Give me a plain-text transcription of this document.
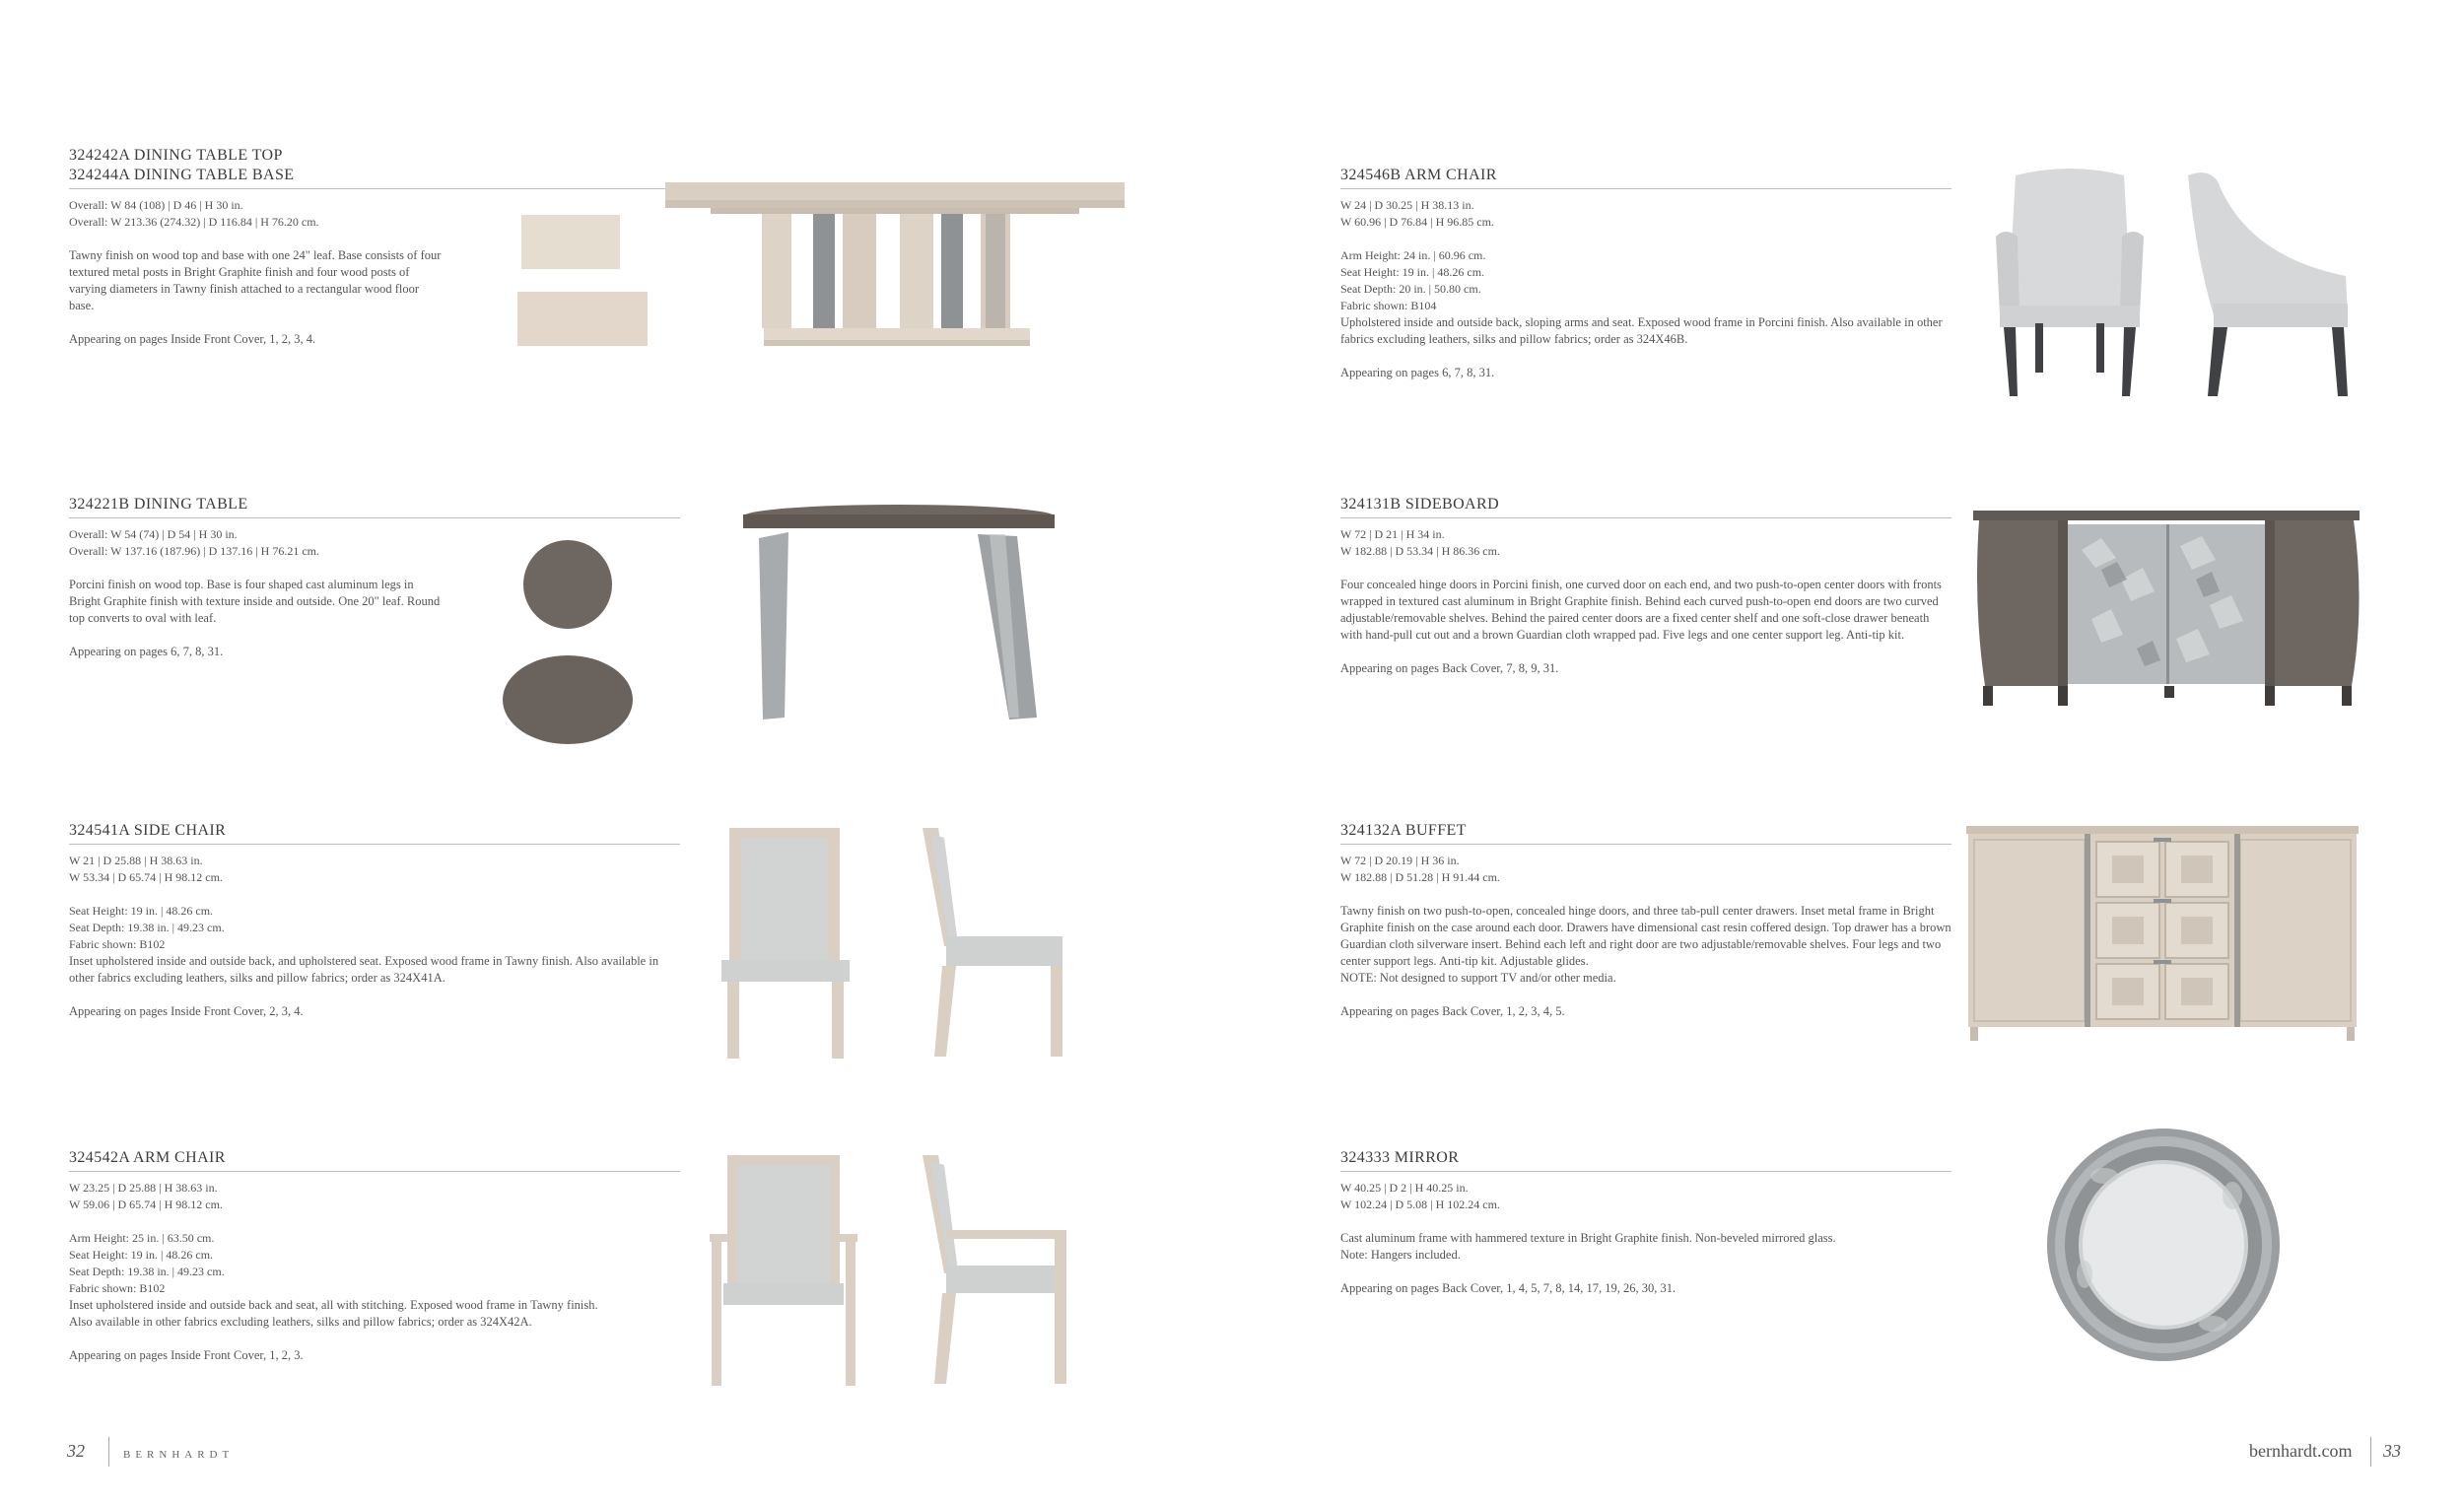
324242A DINING TABLE TOP
324244A DINING TABLE BASE
Overall: W 84 (108) | D 46 | H 30 in.
Overall: W 213.36 (274.32) | D 116.84 | H 76.20 cm.
Tawny finish on wood top and base with one 24" leaf. Base consists of four textured metal posts in Bright Graphite finish and four wood posts of varying diameters in Tawny finish attached to a rectangular wood floor base.
Appearing on pages Inside Front Cover, 1, 2, 3, 4.
324221B DINING TABLE
Overall: W 54 (74) | D 54 | H 30 in.
Overall: W 137.16 (187.96) | D 137.16 | H 76.21 cm.
Porcini finish on wood top. Base is four shaped cast aluminum legs in Bright Graphite finish with texture inside and outside. One 20" leaf. Round top converts to oval with leaf.
Appearing on pages 6, 7, 8, 31.
324541A SIDE CHAIR
W 21 | D 25.88 | H 38.63 in.
W 53.34 | D 65.74 | H 98.12 cm.
Seat Height: 19 in. | 48.26 cm.
Seat Depth: 19.38 in. | 49.23 cm.
Fabric shown: B102
Inset upholstered inside and outside back, and upholstered seat. Exposed wood frame in Tawny finish. Also available in other fabrics excluding leathers, silks and pillow fabrics; order as 324X41A.
Appearing on pages Inside Front Cover, 2, 3, 4.
324542A ARM CHAIR
W 23.25 | D 25.88 | H 38.63 in.
W 59.06 | D 65.74 | H 98.12 cm.
Arm Height: 25 in. | 63.50 cm.
Seat Height: 19 in. | 48.26 cm.
Seat Depth: 19.38 in. | 49.23 cm.
Fabric shown: B102
Inset upholstered inside and outside back and seat, all with stitching. Exposed wood frame in Tawny finish.
Also available in other fabrics excluding leathers, silks and pillow fabrics; order as 324X42A.
Appearing on pages Inside Front Cover, 1, 2, 3.
32	BERNHARDT
324546B ARM CHAIR
W 24 | D 30.25 | H 38.13 in.
W 60.96 | D 76.84 | H 96.85 cm.
Arm Height: 24 in. | 60.96 cm.
Seat Height: 19 in. | 48.26 cm.
Seat Depth: 20 in. | 50.80 cm.
Fabric shown: B104
Upholstered inside and outside back, sloping arms and seat. Exposed wood frame in Porcini finish. Also available in other fabrics excluding leathers, silks and pillow fabrics; order as 324X46B.
Appearing on pages 6, 7, 8, 31.
324131B SIDEBOARD
W 72 | D 21 | H 34 in.
W 182.88 | D 53.34 | H 86.36 cm.
Four concealed hinge doors in Porcini finish, one curved door on each end, and two push-to-open center doors with fronts wrapped in textured cast aluminum in Bright Graphite finish. Behind each curved push-to-open end doors are two curved adjustable/removable shelves. Behind the paired center doors are a fixed center shelf and one soft-close drawer beneath with hand-pull cut out and a brown Guardian cloth wrapped pad. Five legs and one center support leg. Anti-tip kit.
Appearing on pages Back Cover, 7, 8, 9, 31.
324132A BUFFET
W 72 | D 20.19 | H 36 in.
W 182.88 | D 51.28 | H 91.44 cm.
Tawny finish on two push-to-open, concealed hinge doors, and three tab-pull center drawers. Inset metal frame in Bright Graphite finish on the case around each door. Drawers have dimensional cast resin coffered design. Top drawer has a brown Guardian cloth silverware insert. Behind each left and right door are two adjustable/removable shelves. Four legs and two center support legs. Anti-tip kit. Adjustable glides.
NOTE: Not designed to support TV and/or other media.
Appearing on pages Back Cover, 1, 2, 3, 4, 5.
324333 MIRROR
W 40.25 | D 2 | H 40.25 in.
W 102.24 | D 5.08 | H 102.24 cm.
Cast aluminum frame with hammered texture in Bright Graphite finish. Non-beveled mirrored glass.
Note: Hangers included.
Appearing on pages Back Cover, 1, 4, 5, 7, 8, 14, 17, 19, 26, 30, 31.
bernhardt.com 33
